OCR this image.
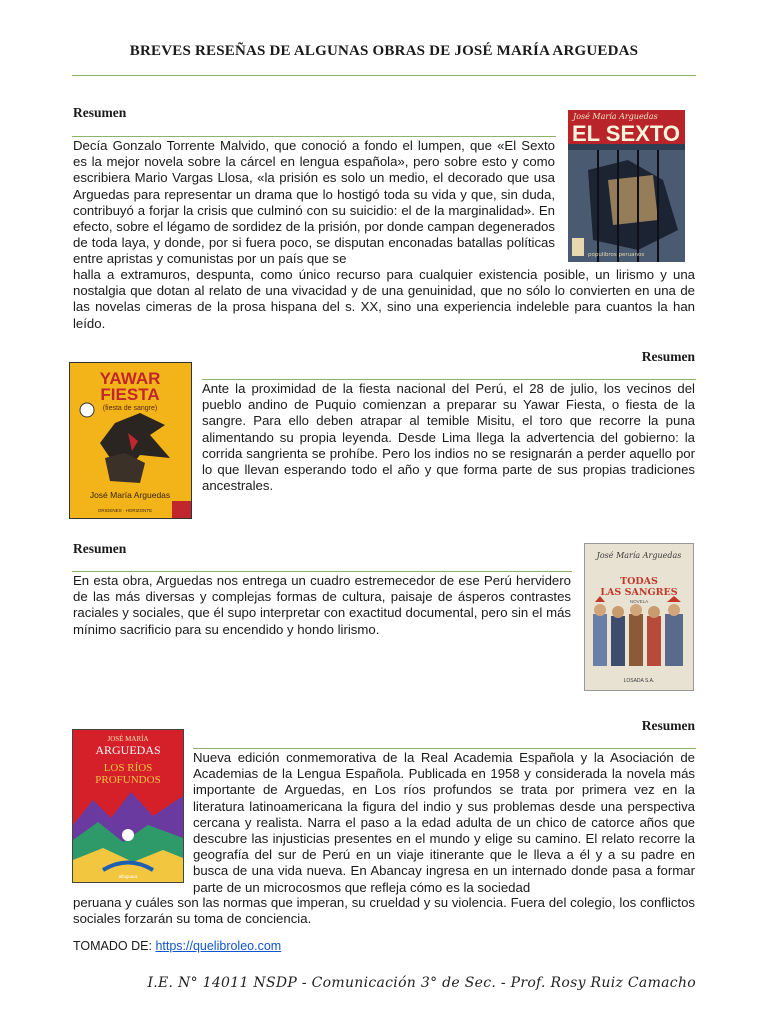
BREVES RESEÑAS DE ALGUNAS OBRAS DE JOSÉ MARÍA ARGUEDAS
Resumen	José María Arguedas
EL SEXTO
populibros peruanos

Decía Gonzalo Torrente Malvido, que conoció a fondo el lumpen, que «El Sexto es la mejor novela sobre la cárcel en lengua española», pero sobre esto y como escribiera Mario Vargas Llosa, «la prisión es solo un medio, el decorado que usa Arguedas para representar un drama que lo hostigó toda su vida y que, sin duda, contribuyó a forjar la crisis que culminó con su suicidio: el de la marginalidad». En efecto, sobre el légamo de sordidez de la prisión, por donde campan degenerados de toda laya, y donde, por si fuera poco, se disputan enconadas batallas políticas entre apristas y comunistas por un país que se

halla a extramuros, despunta, como único recurso para cualquier existencia posible, un lirismo y una nostalgia que dotan al relato de una vivacidad y de una genuinidad, que no sólo lo convierten en una de las novelas cimeras de la prosa hispana del s. XX, sino una experiencia indeleble para cuantos la han leído.

Resumen
YAWAR
FIESTA
(fiesta de sangre)
José María Arguedas
ORIGENES · HORIZONTE

Ante la proximidad de la fiesta nacional del Perú, el 28 de julio, los vecinos del pueblo andino de Puquio comienzan a preparar su Yawar Fiesta, o fiesta de la sangre. Para ello deben atrapar al temible Misitu, el toro que recorre la puna alimentando su propia leyenda. Desde Lima llega la advertencia del gobierno: la corrida sangrienta se prohíbe. Pero los indios no se resignarán a perder aquello por lo que llevan esperando todo el año y que forma parte de sus propias tradiciones ancestrales.

Resumen	José María Arguedas
TODAS
LAS SANGRES
NOVELA
LOSADA S.A.

En esta obra, Arguedas nos entrega un cuadro estremecedor de ese Perú hervidero de las más diversas y complejas formas de cultura, paisaje de ásperos contrastes raciales y sociales, que él supo interpretar con exactitud documental, pero sin el más mínimo sacrificio para su encendido y hondo lirismo.

Resumen
JOSÉ MARÍA
ARGUEDAS
LOS RÍOS
PROFUNDOS
alfaguara

Nueva edición conmemorativa de la Real Academia Española y la Asociación de Academias de la Lengua Española. Publicada en 1958 y considerada la novela más importante de Arguedas, en Los ríos profundos se trata por primera vez en la literatura latinoamericana la figura del indio y sus problemas desde una perspectiva cercana y realista. Narra el paso a la edad adulta de un chico de catorce años que descubre las injusticias presentes en el mundo y elige su camino. El relato recorre la geografía del sur de Perú en un viaje itinerante que le lleva a él y a su padre en busca de una vida nueva. En Abancay ingresa en un internado donde pasa a formar parte de un microcosmos que refleja cómo es la sociedad

peruana y cuáles son las normas que imperan, su crueldad y su violencia. Fuera del colegio, los conflictos sociales forzarán su toma de conciencia.

TOMADO DE: https://quelibroleo.com
I.E. N° 14011 NSDP - Comunicación 3° de Sec. - Prof. Rosy Ruiz Camacho
